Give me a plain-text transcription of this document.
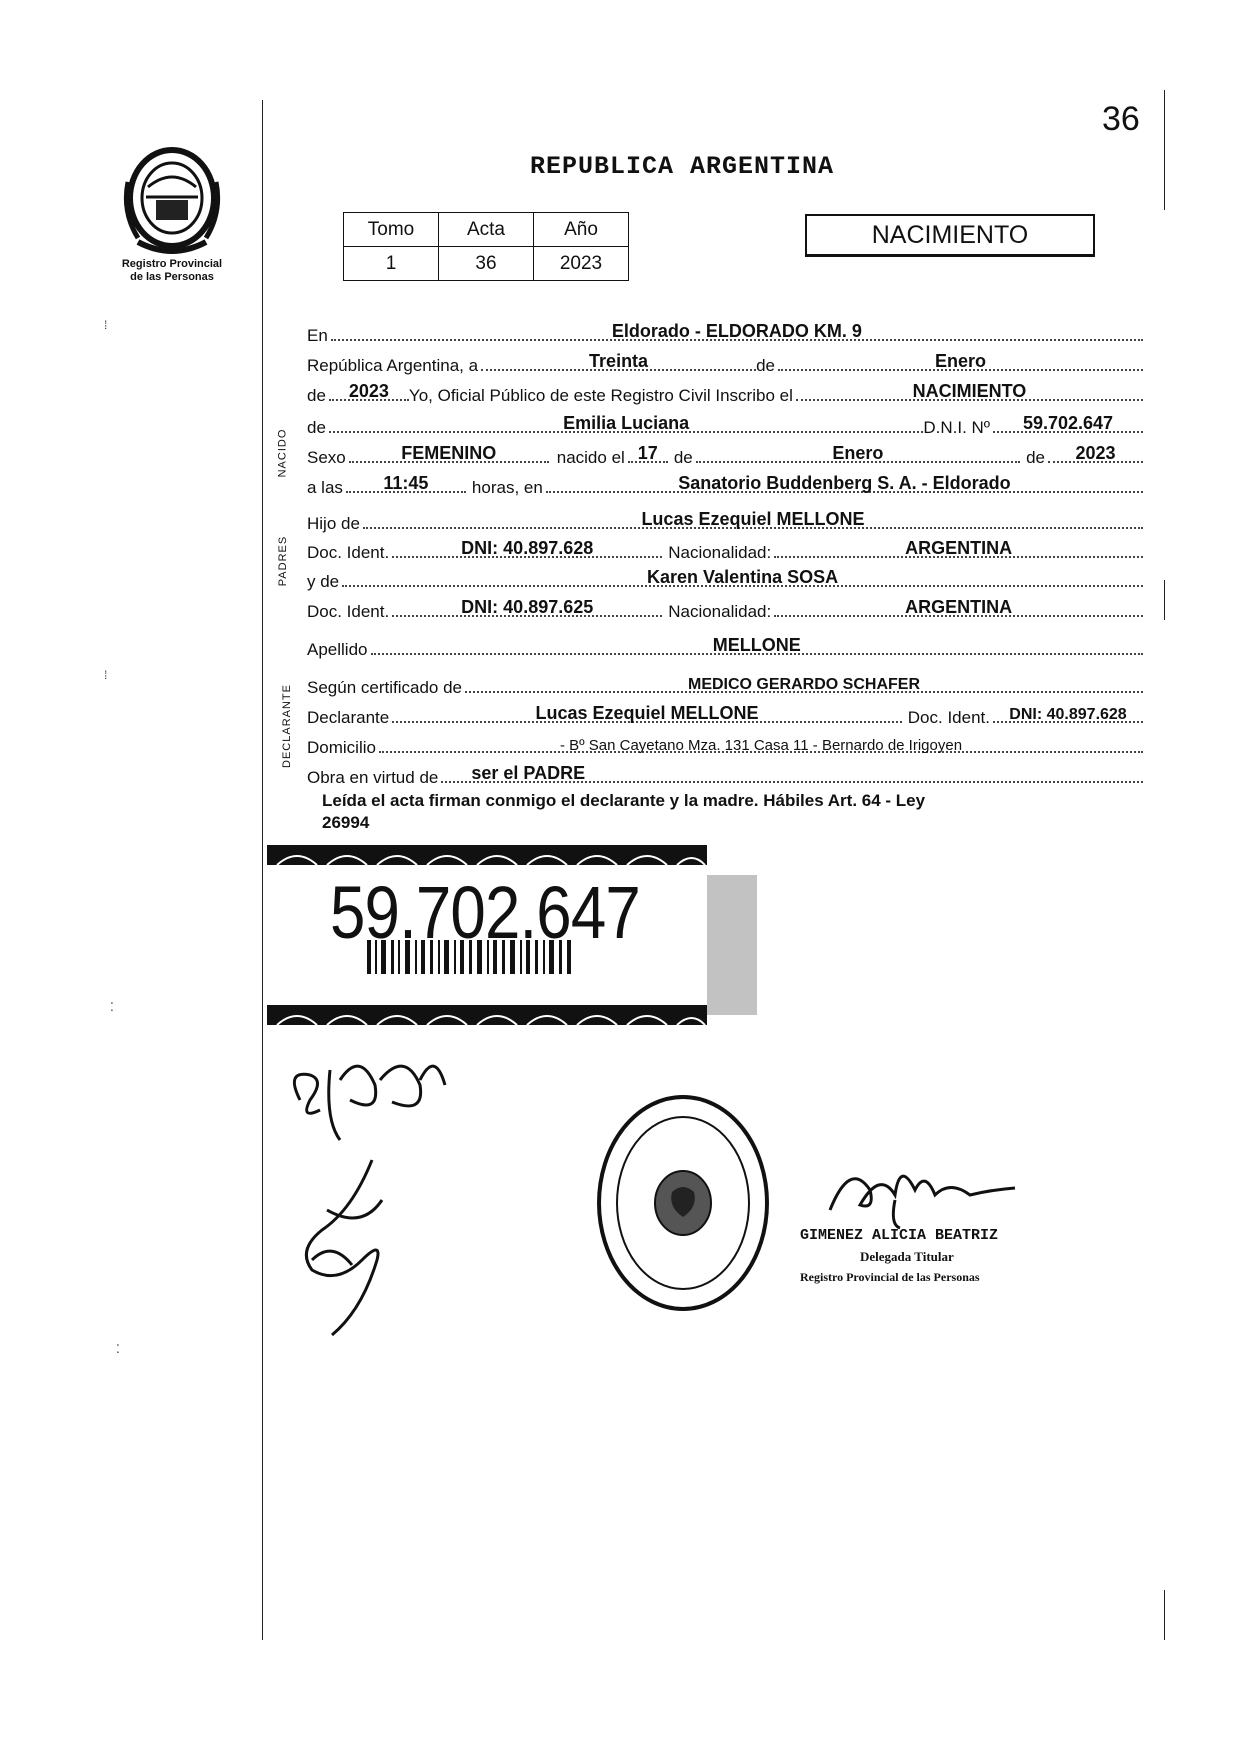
36
REPUBLICA ARGENTINA
Registro Provincial
de las Personas
Tomo	Acta	Año
1	36	2023
NACIMIENTO
En	Eldorado - ELDORADO KM. 9
República Argentina, a	Treinta	de	Enero
de	2023	Yo, Oficial Público de este Registro Civil Inscribo el	NACIMIENTO
de	Emilia Luciana	D.N.I. Nº	59.702.647
Sexo	FEMENINO	nacido el 17 de	Enero	de	2023
a las	11:45	horas, en	Sanatorio Buddenberg S. A. - Eldorado
Hijo de	Lucas Ezequiel MELLONE
Doc. Ident.	DNI: 40.897.628	Nacionalidad:	ARGENTINA
y de	Karen Valentina SOSA
Doc. Ident.	DNI: 40.897.625	Nacionalidad:	ARGENTINA
Apellido	MELLONE
Según certificado de	MEDICO GERARDO SCHAFER
Declarante	Lucas Ezequiel MELLONE	Doc. Ident.	DNI: 40.897.628
Domicilio	- Bº San Cayetano Mza. 131 Casa 11 - Bernardo de Irigoyen
Obra en virtud de	ser el PADRE
NACIDO
PADRES
DECLARANTE
Leída el acta firman conmigo el declarante y la madre. Hábiles Art. 64 - Ley
26994
59.702.647
GIMENEZ ALICIA BEATRIZ
Delegada Titular
Registro Provincial de las Personas
⁞
⁞
⁚
⁚
